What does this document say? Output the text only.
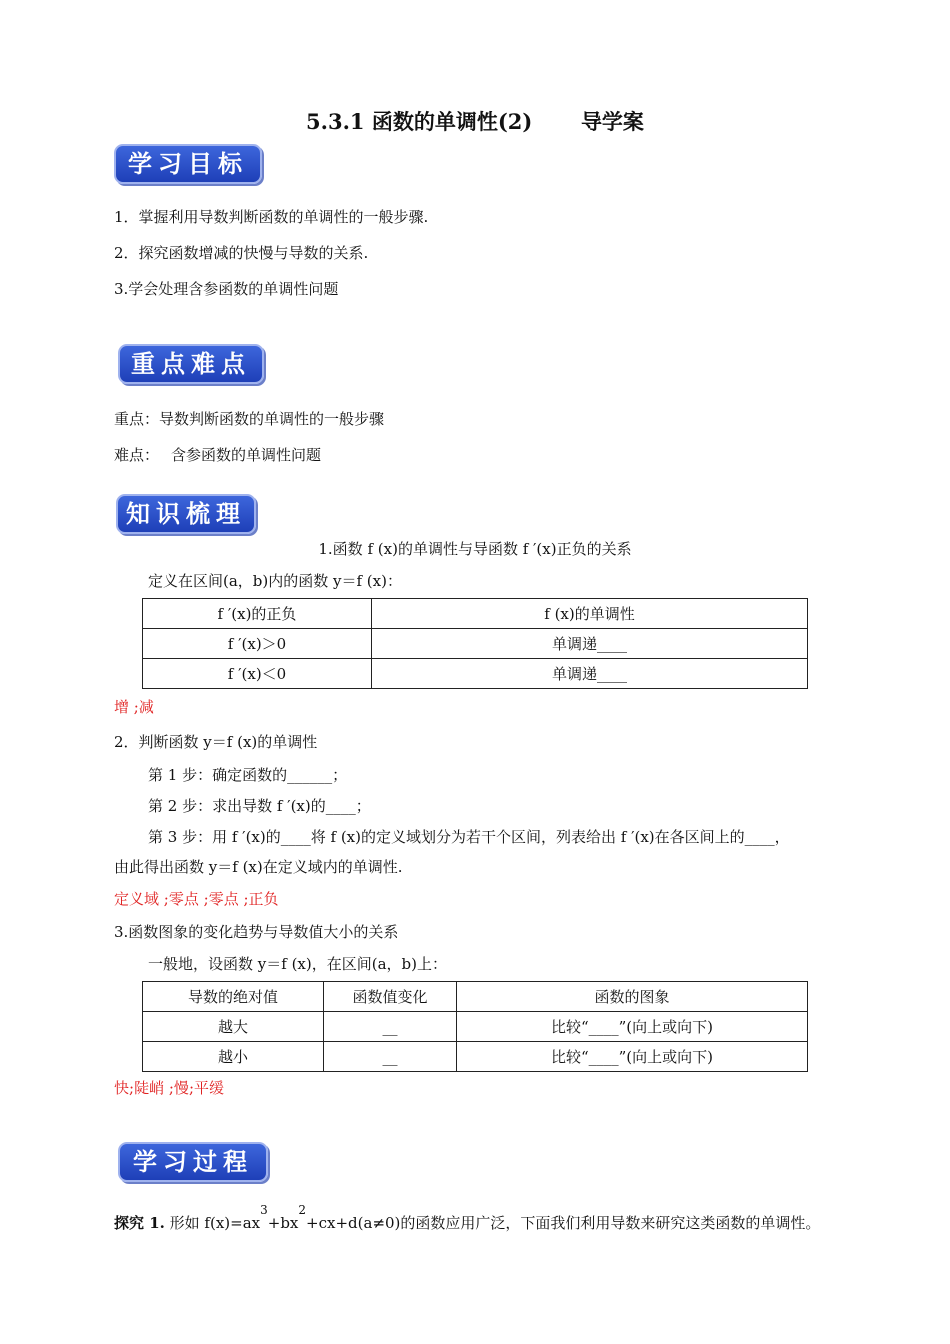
5.3.1 函数的单调性(2) 导学案
学习目标
1．掌握利用导数判断函数的单调性的一般步骤.
2．探究函数增减的快慢与导数的关系.
3.学会处理含参函数的单调性问题
重点难点
重点：导数判断函数的单调性的一般步骤
难点： 含参函数的单调性问题
知识梳理
1.函数 f (x)的单调性与导函数 f ′(x)正负的关系
定义在区间(a，b)内的函数 y＝f (x)：
f ′(x)的正负	f (x)的单调性
f ′(x)＞0	单调递____
f ′(x)＜0	单调递____
增 ;减
2．判断函数 y＝f (x)的单调性
第 1 步：确定函数的______；
第 2 步：求出导数 f ′(x)的____；
第 3 步：用 f ′(x)的____将 f (x)的定义域划分为若干个区间，列表给出 f ′(x)在各区间上的____，
由此得出函数 y＝f (x)在定义域内的单调性.
定义域 ;零点 ;零点 ;正负
3.函数图象的变化趋势与导数值大小的关系
一般地，设函数 y＝f (x)，在区间(a，b)上：
导数的绝对值	函数值变化	函数的图象
越大	__	比较“____”(向上或向下)
越小	__	比较“____”(向上或向下)
快;陡峭 ;慢;平缓
学习过程
探究 1. 形如 $f(x)=ax^3+bx^2+cx+d(a\ne 0)$的函数应用广泛，下面我们利用导数来研究这类函数的单调性。
